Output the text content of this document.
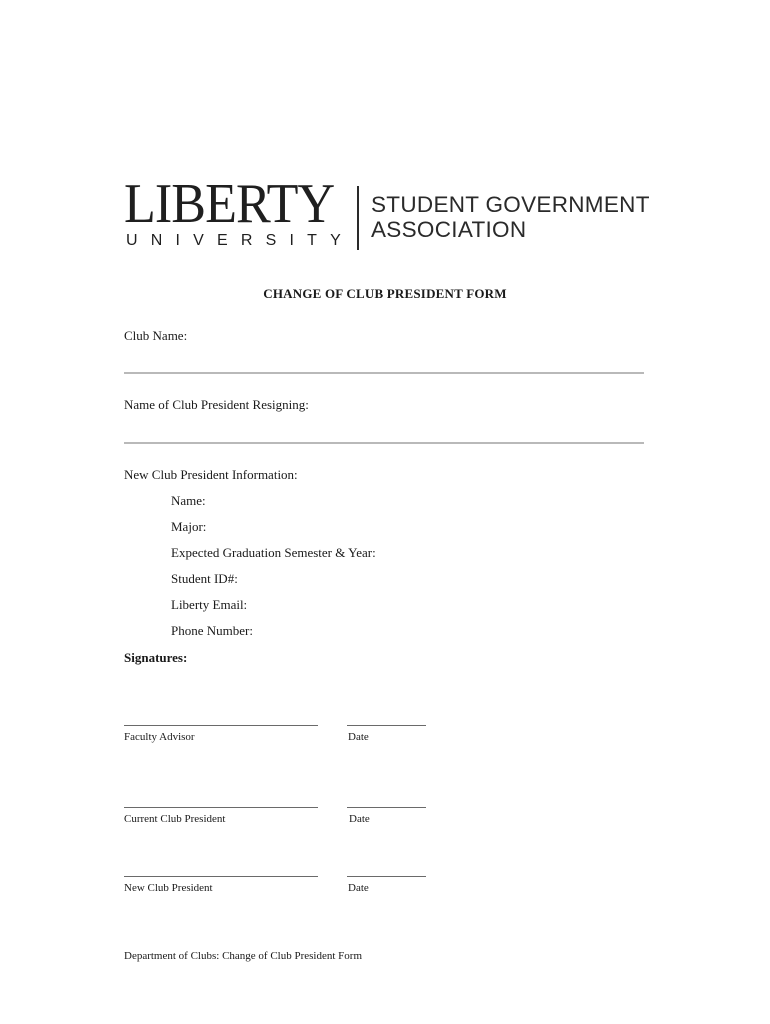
LIBERTY
UNIVERSITY
STUDENT GOVERNMENT
ASSOCIATION
CHANGE OF CLUB PRESIDENT FORM
Club Name:
Name of Club President Resigning:
New Club President Information:
Name:
Major:
Expected Graduation Semester & Year:
Student ID#:
Liberty Email:
Phone Number:
Signatures:
Faculty Advisor	Date
Current Club President	Date
New Club President	Date
Department of Clubs: Change of Club President Form
